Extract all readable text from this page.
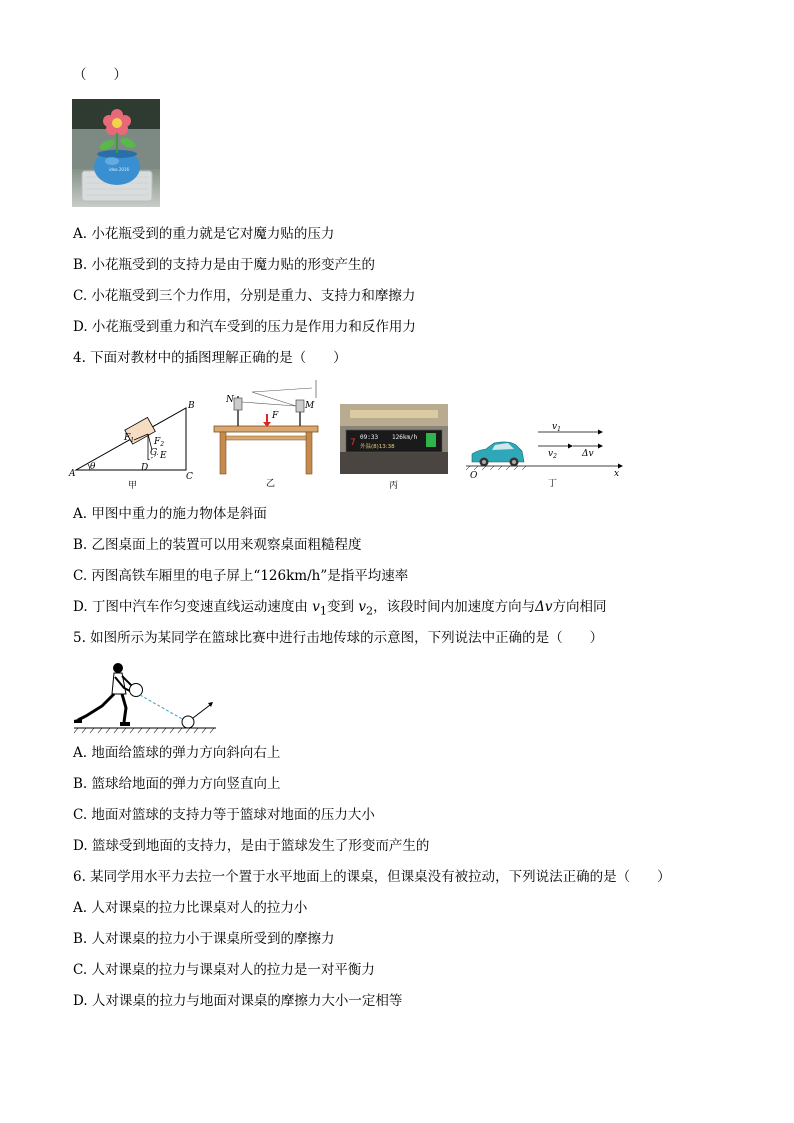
（　　）
idea 2016
A. 小花瓶受到的重力就是它对魔力贴的压力
B. 小花瓶受到的支持力是由于魔力贴的形变产生的
C. 小花瓶受到三个力作用，分别是重力、支持力和摩擦力
D. 小花瓶受到重力和汽车受到的压力是作用力和反作用力
4. 下面对教材中的插图理解正确的是（　　）
A
B
C
D
E
G
$F_1$ $F_2$
θ
甲
N
M
F
乙
7
09:33 126km/h
外温(8)13:38
丙
$v_1$
$v_2$	Δv
O	x
丁
A. 甲图中重力的施力物体是斜面
B. 乙图桌面上的装置可以用来观察桌面粗糙程度
C. 丙图高铁车厢里的电子屏上“126km/h”是指平均速率
D. 丁图中汽车作匀变速直线运动速度由 $v_1$变到 $v_2$，该段时间内加速度方向与Δv方向相同
5. 如图所示为某同学在篮球比赛中进行击地传球的示意图，下列说法中正确的是（　　）
A. 地面给篮球的弹力方向斜向右上
B. 篮球给地面的弹力方向竖直向上
C. 地面对篮球的支持力等于篮球对地面的压力大小
D. 篮球受到地面的支持力，是由于篮球发生了形变而产生的
6. 某同学用水平力去拉一个置于水平地面上的课桌，但课桌没有被拉动，下列说法正确的是（　　）
A. 人对课桌的拉力比课桌对人的拉力小
B. 人对课桌的拉力小于课桌所受到的摩擦力
C. 人对课桌的拉力与课桌对人的拉力是一对平衡力
D. 人对课桌的拉力与地面对课桌的摩擦力大小一定相等
